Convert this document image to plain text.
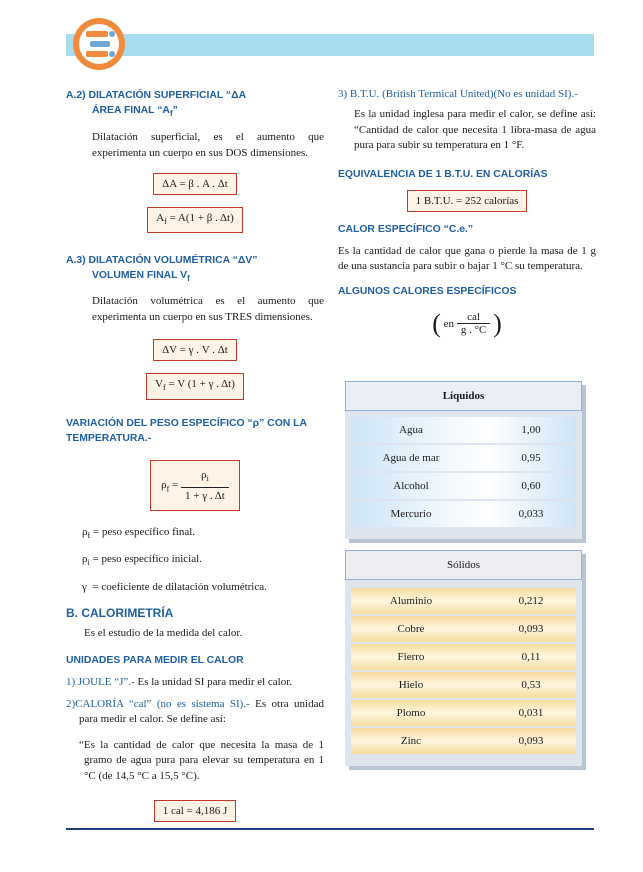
A.2) DILATACIÓN SUPERFICIAL “ΔA
ÁREA FINAL “$A_f$”

Dilatación superficial, es el aumento que experimenta un cuerpo en sus DOS dimensiones.

ΔA = β . A . Δt
$A_f = A(1 + \beta$ . Δt)
A.3) DILATACIÓN VOLUMÉTRICA “ΔV”
VOLUMEN FINAL $V_f$

Dilatación volumétrica es el aumento que experimenta un cuerpo en sus TRES dimensiones.

ΔV = γ . V . Δt
$V_f = V$ (1 + γ . Δt)
VARIACIÓN DEL PESO ESPECÍFICO “ρ” CON LA TEMPERATURA.-
$\rho_f = \frac{\rho_i}{1 + \gamma . \Delta t}$

$\rho_f$ = peso específico final.

$\rho_i$ = peso específico inicial.

γ  = coeficiente de dilatación volumétrica.

B. CALORIMETRÍA

Es el estudio de la medida del calor.

UNIDADES PARA MEDIR EL CALOR

1) JOULE “J”.- Es la unidad SI para medir el calor.

2)CALORÍA “cal” (no es sistema SI).- Es otra unidad para medir el calor. Se define así:

“Es la cantidad de calor que necesita la masa de 1 gramo de agua pura para elevar su temperatura en 1 °C (de 14,5 °C a 15,5 °C).

1 cal = 4,186 J
3) B.T.U. (British Termical United)(No es unidad SI).-

Es la unidad inglesa para medir el calor, se define así: “Cantidad de calor que necesita 1 libra-masa de agua pura para subir su temperatura en 1 °F.

EQUIVALENCIA DE 1 B.T.U. EN CALORÍAS
1 B.T.U. = 252 calorías
CALOR ESPECÍFICO “C.e.”

Es la cantidad de calor que gana o pierde la masa de 1 g de una sustancia para subir o bajar 1 °C su temperatura.

ALGUNOS CALORES ESPECÍFICOS
( en $\frac{\text{cal}}{g . ^\circ C}$ )
Líquidos
Agua	1,00
Agua de mar	0,95
Alcohol	0,60
Mercurio	0,033
Sólidos
Aluminio	0,212
Cobre	0,093
Fierro	0,11
Hielo	0,53
Plomo	0,031
Zinc	0,093
